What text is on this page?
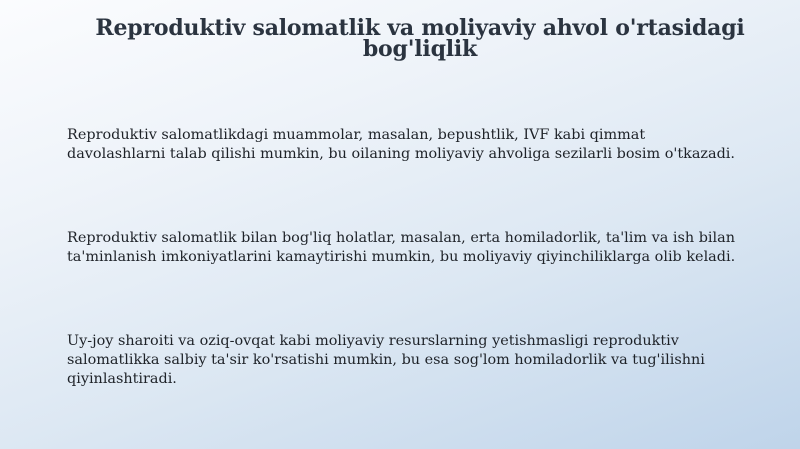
Reproduktiv salomatlik va moliyaviy ahvol o'rtasidagi bog'liqlik

Reproduktiv salomatlikdagi muammolar, masalan, bepushtlik, IVF kabi qimmat davolashlarni talab qilishi mumkin, bu oilaning moliyaviy ahvoliga sezilarli bosim o'tkazadi.

Reproduktiv salomatlik bilan bog'liq holatlar, masalan, erta homiladorlik, ta'lim va ish bilan ta'minlanish imkoniyatlarini kamaytirishi mumkin, bu moliyaviy qiyinchiliklarga olib keladi.

Uy-joy sharoiti va oziq-ovqat kabi moliyaviy resurslarning yetishmasligi reproduktiv salomatlikka salbiy ta'sir ko'rsatishi mumkin, bu esa sog'lom homiladorlik va tug'ilishni qiyinlashtiradi.
